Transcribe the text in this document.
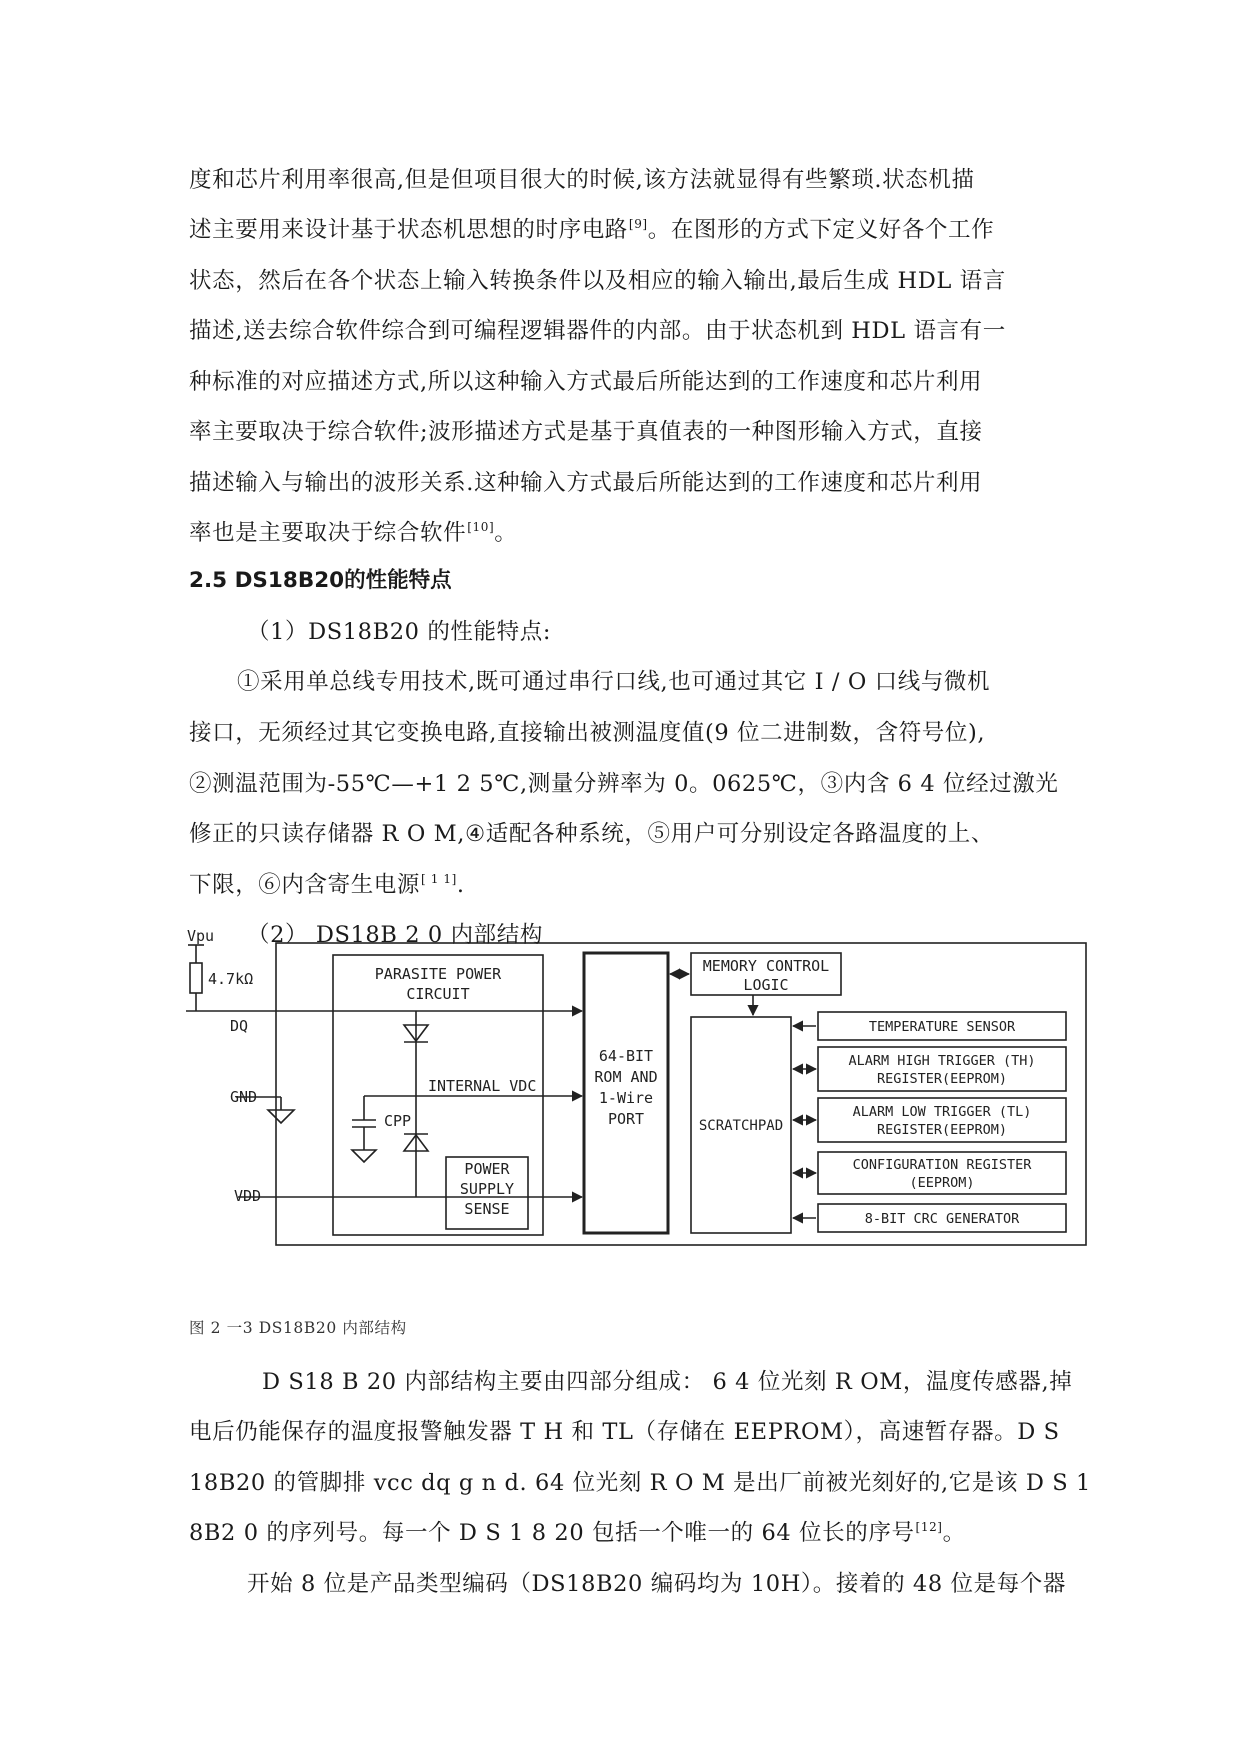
度和芯片利用率很高,但是但项目很大的时候,该方法就显得有些繁琐.状态机描
述主要用来设计基于状态机思想的时序电路[9]。在图形的方式下定义好各个工作
状态，然后在各个状态上输入转换条件以及相应的输入输出,最后生成 HDL 语言
描述,送去综合软件综合到可编程逻辑器件的内部。由于状态机到 HDL 语言有一
种标准的对应描述方式,所以这种输入方式最后所能达到的工作速度和芯片利用
率主要取决于综合软件;波形描述方式是基于真值表的一种图形输入方式，直接
描述输入与输出的波形关系.这种输入方式最后所能达到的工作速度和芯片利用
率也是主要取决于综合软件[10]。
2.5 DS18B20的性能特点
（1）DS18B20 的性能特点:
①采用单总线专用技术,既可通过串行口线,也可通过其它 I / O 口线与微机
接口，无须经过其它变换电路,直接输出被测温度值(9 位二进制数，含符号位),
②测温范围为-55℃—+1 2 5℃,测量分辨率为 0。0625℃，③内含 6 4 位经过激光
修正的只读存储器 R O M,④适配各种系统，⑤用户可分别设定各路温度的上、
下限，⑥内含寄生电源[ 1 1].
（2） DS18B 2 0 内部结构
Vpu
4.7kΩ
DQ
GND
VDD
PARASITE POWER
CIRCUIT
INTERNAL VDC
CPP
POWER
SUPPLY
SENSE
64-BIT
ROM AND
1-Wire
PORT
MEMORY CONTROL
LOGIC
SCRATCHPAD
TEMPERATURE SENSOR
ALARM HIGH TRIGGER (TH)
REGISTER(EEPROM)
ALARM LOW TRIGGER (TL)
REGISTER(EEPROM)
CONFIGURATION REGISTER
(EEPROM)
8-BIT CRC GENERATOR
图 2 一3 DS18B20 内部结构
D S18 B 20 内部结构主要由四部分组成： 6 4 位光刻 R OM，温度传感器,掉
电后仍能保存的温度报警触发器 T H 和 TL（存储在 EEPROM），高速暂存器。D S
18B20 的管脚排 vcc dq g n d. 64 位光刻 R O M 是出厂前被光刻好的,它是该 D S 1
8B2 0 的序列号。每一个 D S 1 8 20 包括一个唯一的 64 位长的序号[12]。
开始 8 位是产品类型编码（DS18B20 编码均为 10H）。接着的 48 位是每个器
